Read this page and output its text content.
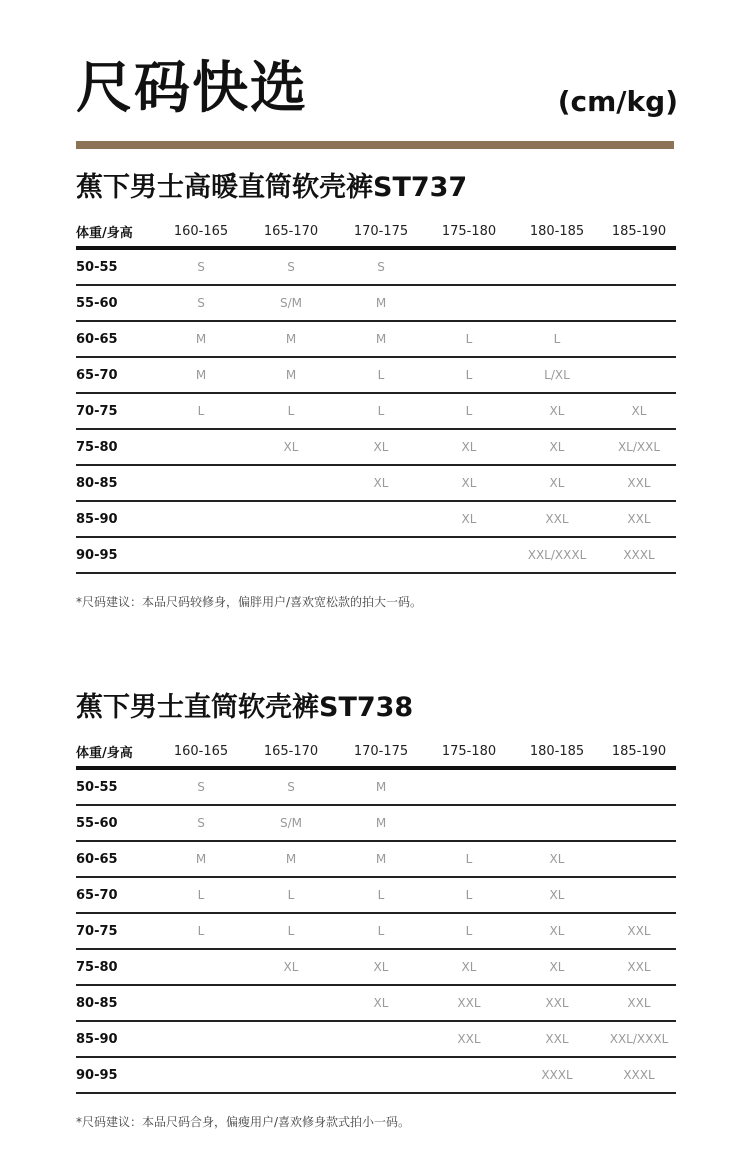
尺码快选	(cm/kg)
蕉下男士高暖直筒软壳裤ST737
体重/身高	160-165	165-170	170-175	175-180	180-185	185-190
50-55	S	S	S			
55-60	S	S/M	M			
60-65	M	M	M	L	L	
65-70	M	M	L	L	L/XL	
70-75	L	L	L	L	XL	XL
75-80		XL	XL	XL	XL	XL/XXL
80-85			XL	XL	XL	XXL
85-90				XL	XXL	XXL
90-95					XXL/XXXL	XXXL
*尺码建议：本品尺码较修身，偏胖用户/喜欢宽松款的拍大一码。
蕉下男士直筒软壳裤ST738
体重/身高	160-165	165-170	170-175	175-180	180-185	185-190
50-55	S	S	M			
55-60	S	S/M	M			
60-65	M	M	M	L	XL	
65-70	L	L	L	L	XL	
70-75	L	L	L	L	XL	XXL
75-80		XL	XL	XL	XL	XXL
80-85			XL	XXL	XXL	XXL
85-90				XXL	XXL	XXL/XXXL
90-95					XXXL	XXXL
*尺码建议：本品尺码合身，偏瘦用户/喜欢修身款式拍小一码。
